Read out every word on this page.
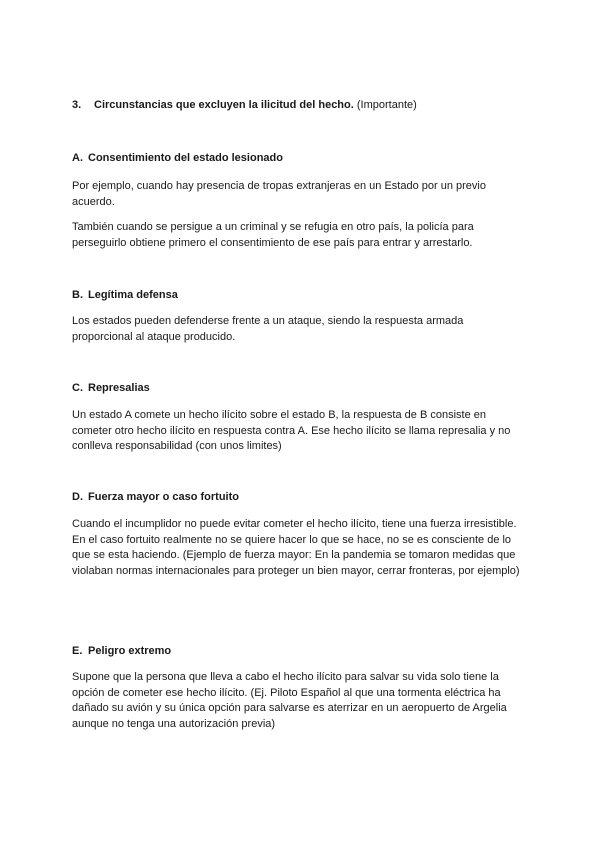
3. Circunstancias que excluyen la ilicitud del hecho. (Importante)
A. Consentimiento del estado lesionado
Por ejemplo, cuando hay presencia de tropas extranjeras en un Estado por un previo
acuerdo.
También cuando se persigue a un criminal y se refugia en otro país, la policía para
perseguirlo obtiene primero el consentimiento de ese país para entrar y arrestarlo.
B. Legítima defensa
Los estados pueden defenderse frente a un ataque, siendo la respuesta armada
proporcional al ataque producido.
C. Represalias
Un estado A comete un hecho ilícito sobre el estado B, la respuesta de B consiste en
cometer otro hecho ilícito en respuesta contra A. Ese hecho ilícito se llama represalia y no
conlleva responsabilidad (con unos limites)
D. Fuerza mayor o caso fortuito
Cuando el incumplidor no puede evitar cometer el hecho ilícito, tiene una fuerza irresistible.
En el caso fortuito realmente no se quiere hacer lo que se hace, no se es consciente de lo
que se esta haciendo. (Ejemplo de fuerza mayor: En la pandemia se tomaron medidas que
violaban normas internacionales para proteger un bien mayor, cerrar fronteras, por ejemplo)
E. Peligro extremo
Supone que la persona que lleva a cabo el hecho ilícito para salvar su vida solo tiene la
opción de cometer ese hecho ilícito. (Ej. Piloto Español al que una tormenta eléctrica ha
dañado su avión y su única opción para salvarse es aterrizar en un aeropuerto de Argelia
aunque no tenga una autorización previa)
